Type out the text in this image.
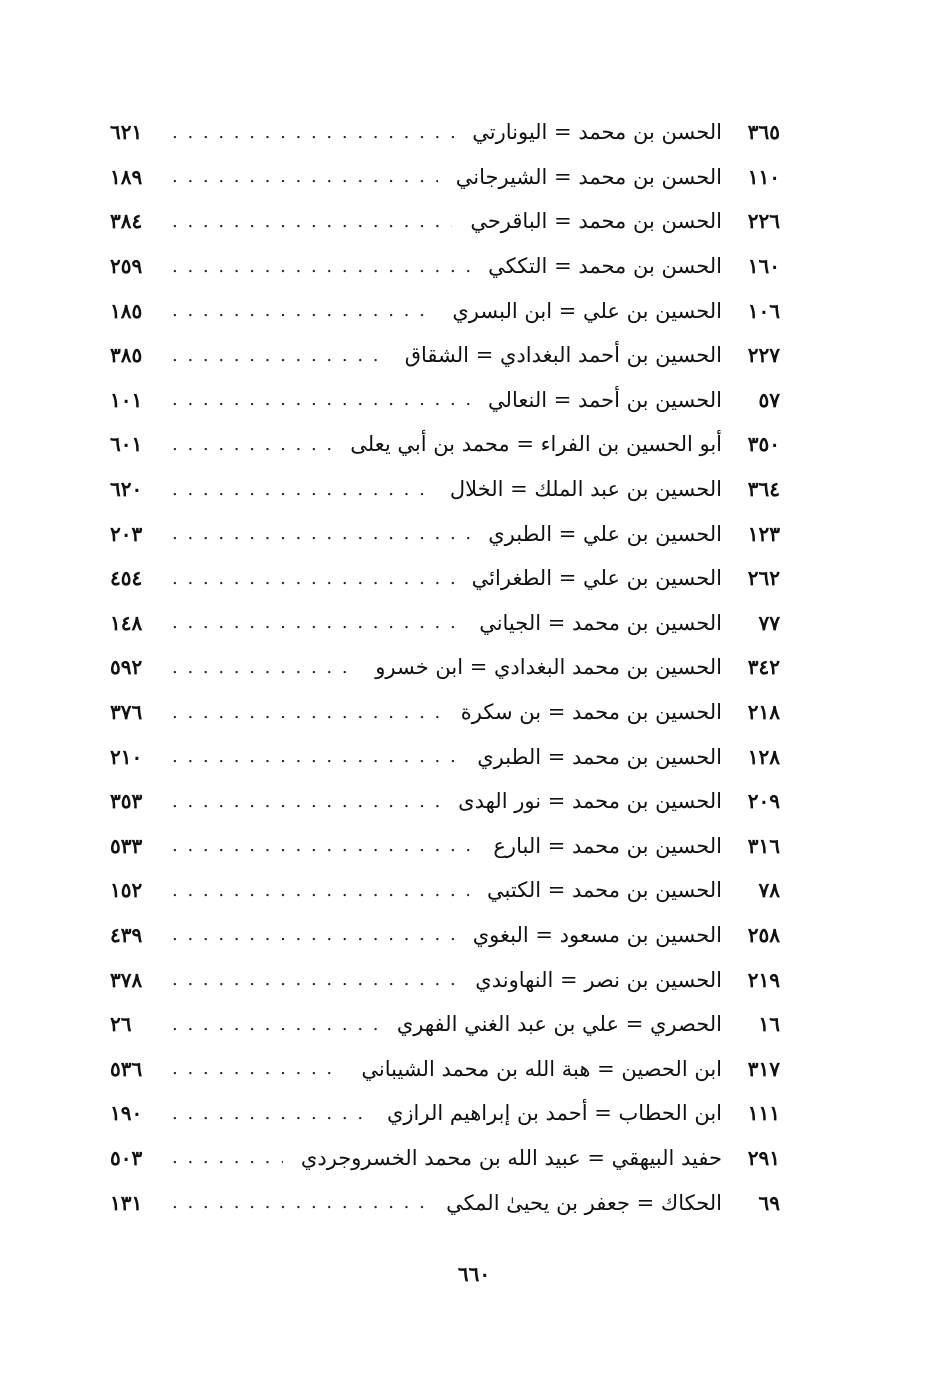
٣٦٥
الحسن بن محمد = اليونارتي
. . .
٦٢١
١١٠
الحسن بن محمد = الشيرجاني
. . .
١٨٩
٢٢٦
الحسن بن محمد = الباقرحي
. . .
٣٨٤
١٦٠
الحسن بن محمد = التككي
. . .
٢٥٩
١٠٦
الحسين بن علي = ابن البسري
. . .
١٨٥
٢٢٧
الحسين بن أحمد البغدادي = الشقاق
. . .
٣٨٥
٥٧
الحسين بن أحمد = النعالي
. . .
١٠١
٣٥٠
أبو الحسين بن الفراء = محمد بن أبي يعلى
. . .
٦٠١
٣٦٤
الحسين بن عبد الملك = الخلال
. . .
٦٢٠
١٢٣
الحسين بن علي = الطبري
. . .
٢٠٣
٢٦٢
الحسين بن علي = الطغرائي
. . .
٤٥٤
٧٧
الحسين بن محمد = الجياني
. . .
١٤٨
٣٤٢
الحسين بن محمد البغدادي = ابن خسرو
. . .
٥٩٢
٢١٨
الحسين بن محمد = بن سكرة
. . .
٣٧٦
١٢٨
الحسين بن محمد = الطبري
. . .
٢١٠
٢٠٩
الحسين بن محمد = نور الهدى
. . .
٣٥٣
٣١٦
الحسين بن محمد = البارع
. . .
٥٣٣
٧٨
الحسين بن محمد = الكتبي
. . .
١٥٢
٢٥٨
الحسين بن مسعود = البغوي
. . .
٤٣٩
٢١٩
الحسين بن نصر = النهاوندي
. . .
٣٧٨
١٦
الحصري = علي بن عبد الغني الفهري
. . .
٢٦
٣١٧
ابن الحصين = هبة الله بن محمد الشيباني
. . .
٥٣٦
١١١
ابن الحطاب = أحمد بن إبراهيم الرازي
. . .
١٩٠
٢٩١
حفيد البيهقي = عبيد الله بن محمد الخسروجردي
. . .
٥٠٣
٦٩
الحكاك = جعفر بن يحيىٰ المكي
. . .
١٣١
٦٦٠
